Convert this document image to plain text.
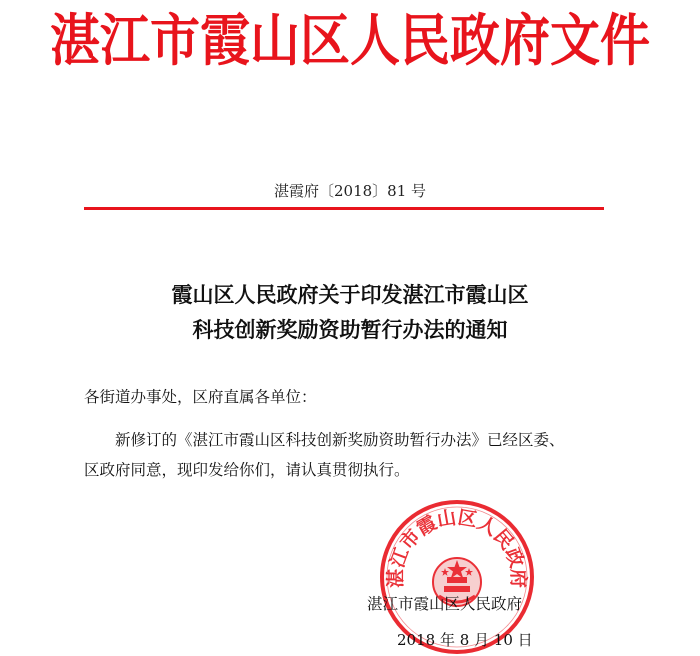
湛江市霞山区人民政府文件
湛霞府〔2018〕81 号
霞山区人民政府关于印发湛江市霞山区
科技创新奖励资助暂行办法的通知
各街道办事处，区府直属各单位：
新修订的《湛江市霞山区科技创新奖励资助暂行办法》已经区委、
区政府同意，现印发给你们，请认真贯彻执行。
湛江市霞山区人民政府
湛江市霞山区人民政府
2018 年 8 月 10 日
